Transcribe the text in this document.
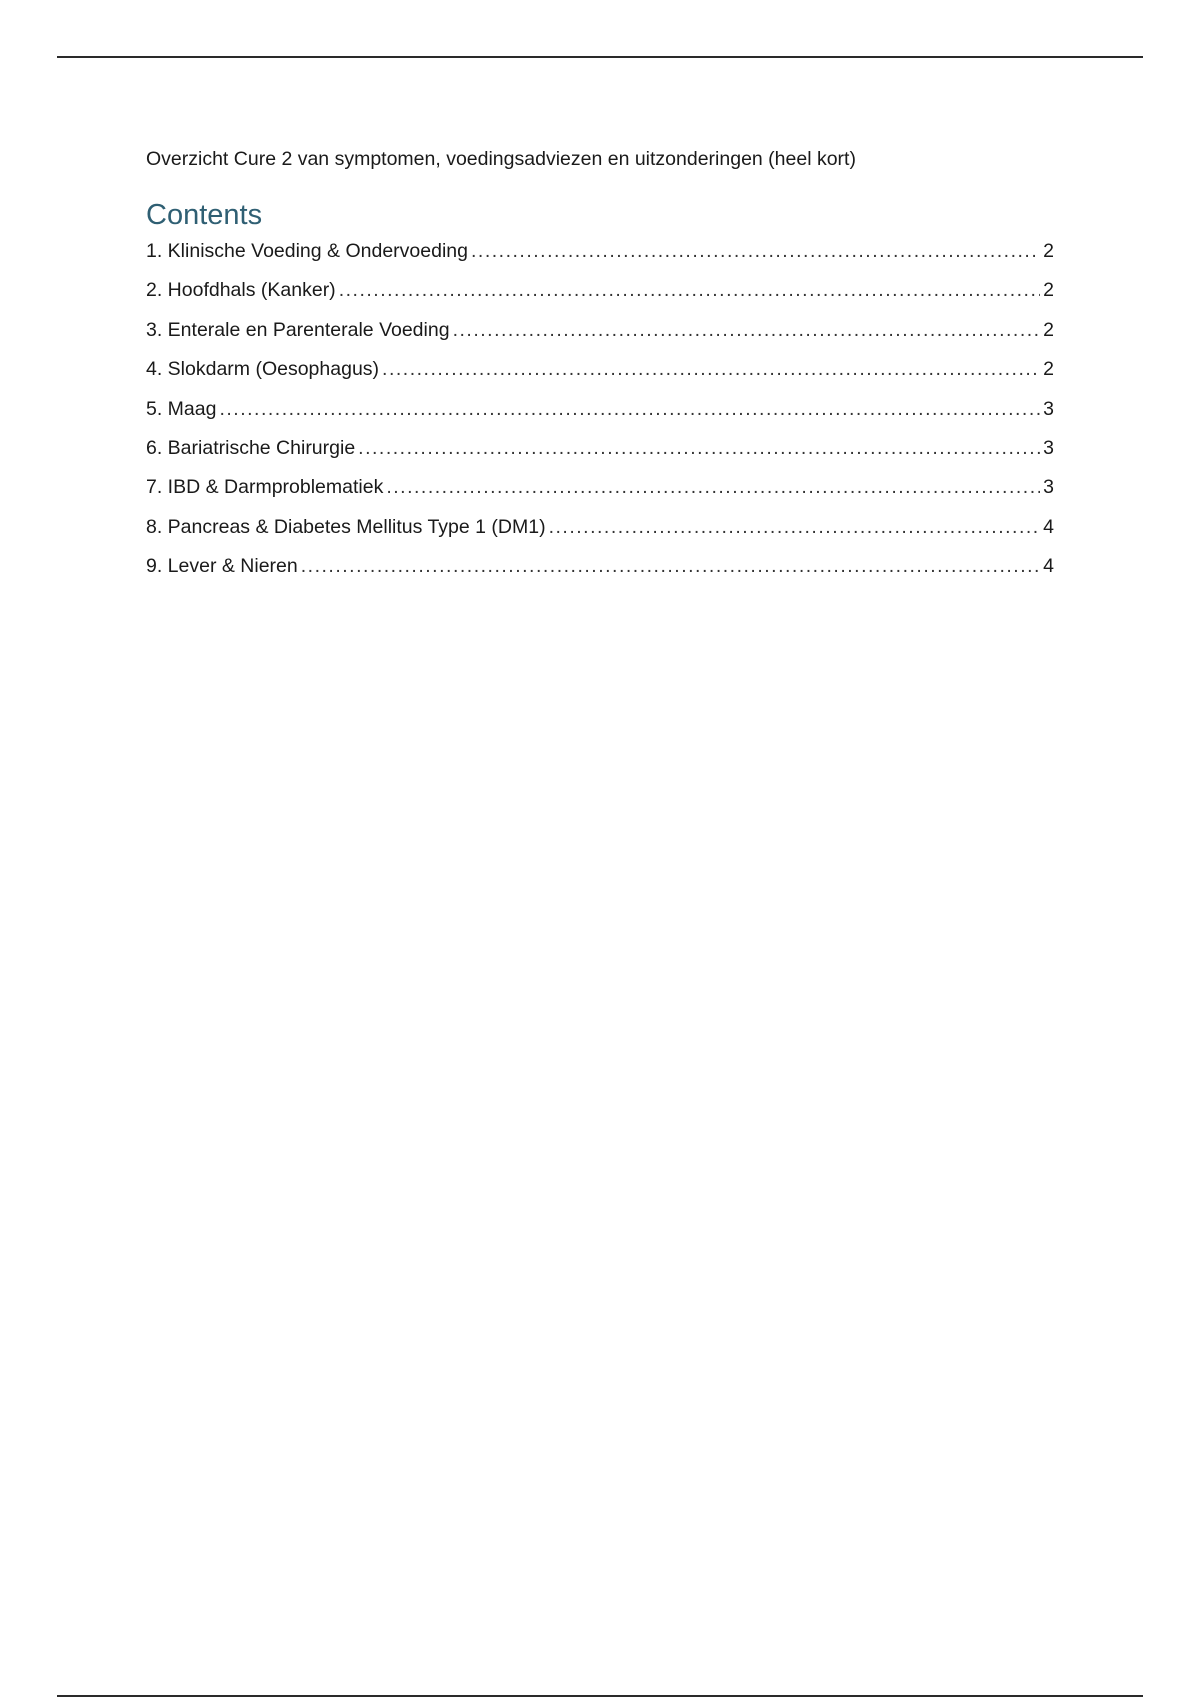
Overzicht Cure 2 van symptomen, voedingsadviezen en uitzonderingen (heel kort)

Contents
1. Klinische Voeding & Ondervoeding .....	2
2. Hoofdhals (Kanker) .....	2
3. Enterale en Parenterale Voeding .....	2
4. Slokdarm (Oesophagus) .....	2
5. Maag .....	3
6. Bariatrische Chirurgie .....	3
7. IBD & Darmproblematiek .....	3
8. Pancreas & Diabetes Mellitus Type 1 (DM1) .....	4
9. Lever & Nieren .....	4
